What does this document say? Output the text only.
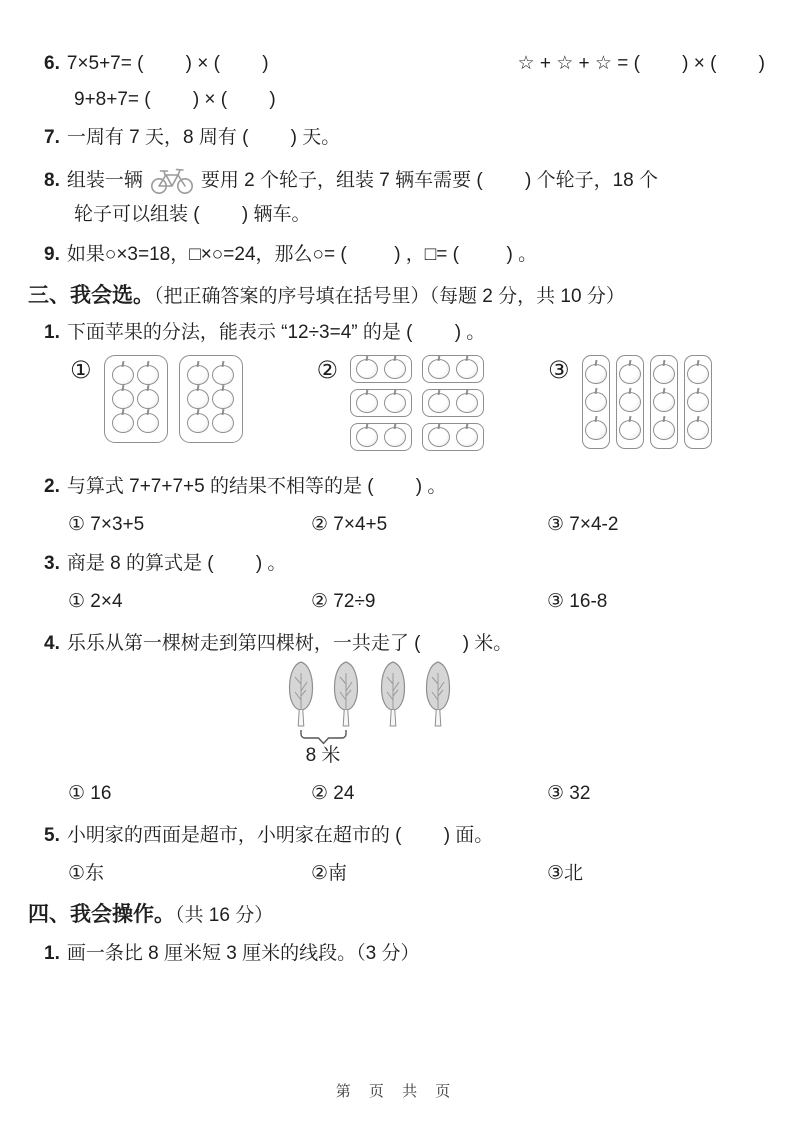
6. 7×5+7= (        ) × (        )	☆ + ☆ + ☆ = (        ) × (        )
9+8+7= (        ) × (        )
7. 一周有 7 天，8 周有 (        ) 天。
8. 组装一辆	要用 2 个轮子，组装 7 辆车需要 (        ) 个轮子，18 个
轮子可以组装 (        ) 辆车。
9. 如果○×3=18，□×○=24，那么○= (         ) ，□= (         ) 。
三、我会选。（把正确答案的序号填在括号里）（每题 2 分，共 10 分）
1. 下面苹果的分法，能表示 “12÷3=4” 的是 (        ) 。
①	②	③
2. 与算式 7+7+7+5 的结果不相等的是 (        ) 。
① 7×3+5	② 7×4+5	③ 7×4-2
3. 商是 8 的算式是 (        ) 。
① 2×4	② 72÷9	③ 16-8
4. 乐乐从第一棵树走到第四棵树，一共走了 (        ) 米。
8 米
① 16	② 24	③ 32
5. 小明家的西面是超市，小明家在超市的 (        ) 面。
①东	②南	③北
四、我会操作。（共 16 分）
1. 画一条比 8 厘米短 3 厘米的线段。（3 分）
第 页 共 页
